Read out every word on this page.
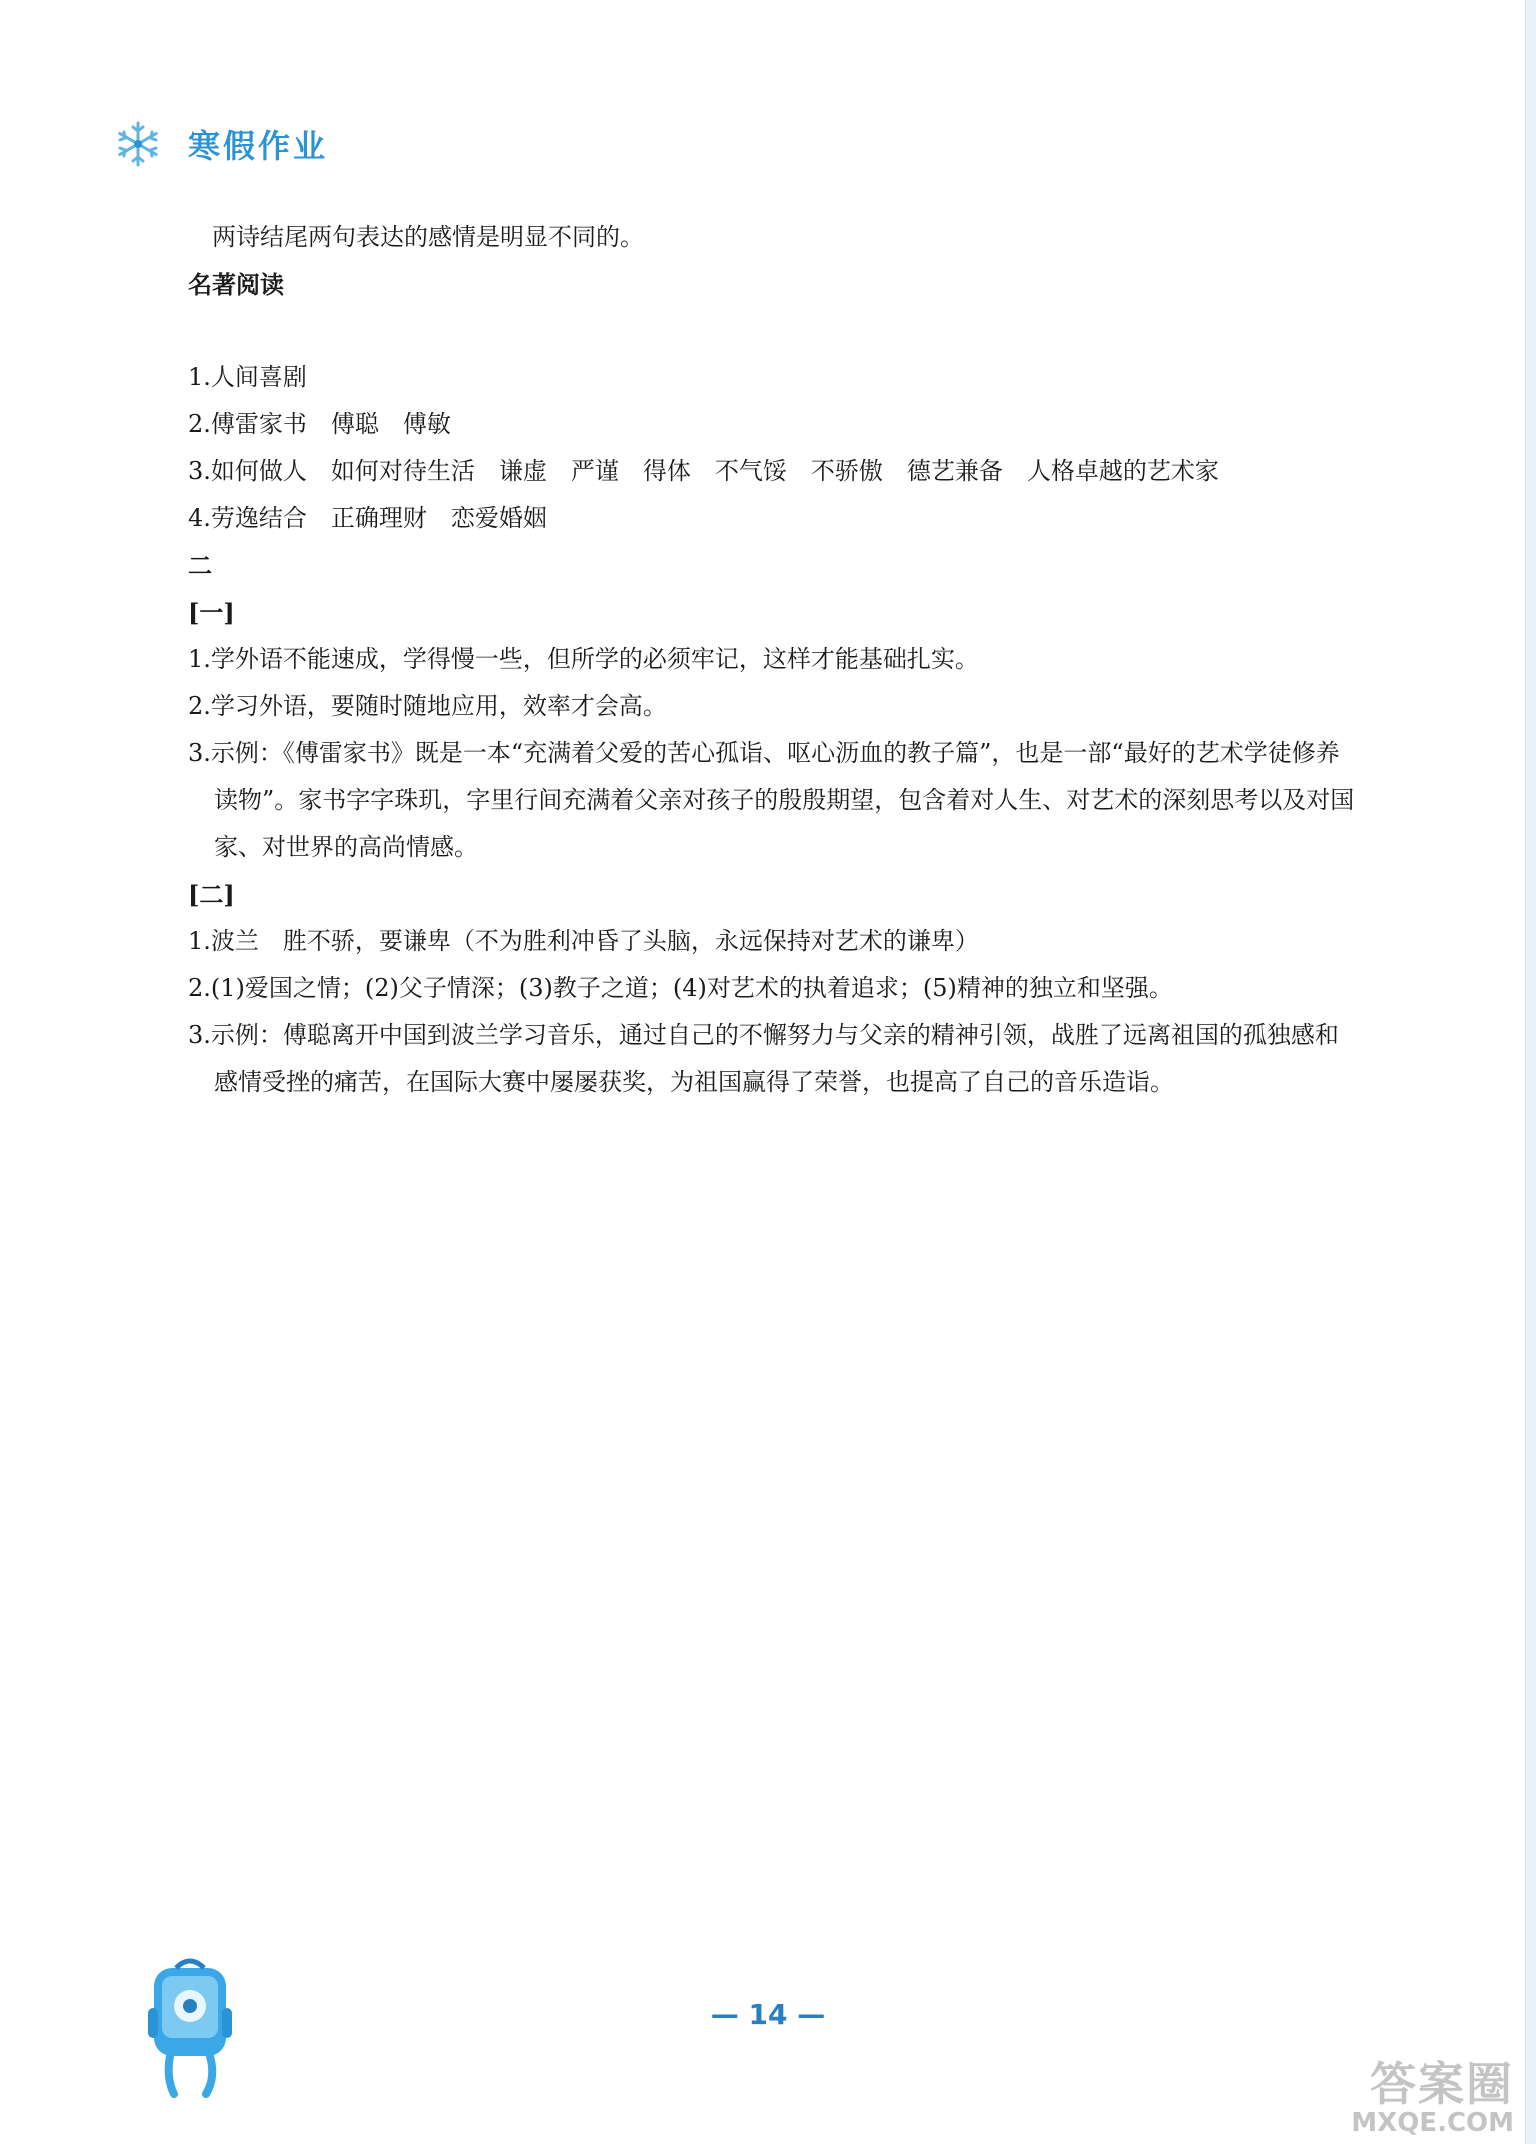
寒假作业
两诗结尾两句表达的感情是明显不同的。
名著阅读
1.人间喜剧
2.傅雷家书　傅聪　傅敏
3.如何做人　如何对待生活　谦虚　严谨　得体　不气馁　不骄傲　德艺兼备　人格卓越的艺术家
4.劳逸结合　正确理财　恋爱婚姻
二
[一]
1.学外语不能速成，学得慢一些，但所学的必须牢记，这样才能基础扎实。
2.学习外语，要随时随地应用，效率才会高。
3.示例：《傅雷家书》既是一本“充满着父爱的苦心孤诣、呕心沥血的教子篇”，也是一部“最好的艺术学徒修养读物”。家书字字珠玑，字里行间充满着父亲对孩子的殷殷期望，包含着对人生、对艺术的深刻思考以及对国家、对世界的高尚情感。
[二]
1.波兰　胜不骄，要谦卑（不为胜利冲昏了头脑，永远保持对艺术的谦卑）
2.(1)爱国之情；(2)父子情深；(3)教子之道；(4)对艺术的执着追求；(5)精神的独立和坚强。
3.示例：傅聪离开中国到波兰学习音乐，通过自己的不懈努力与父亲的精神引领，战胜了远离祖国的孤独感和感情受挫的痛苦，在国际大赛中屡屡获奖，为祖国赢得了荣誉，也提高了自己的音乐造诣。
— 14 —
答案圈
MXQE.COM
